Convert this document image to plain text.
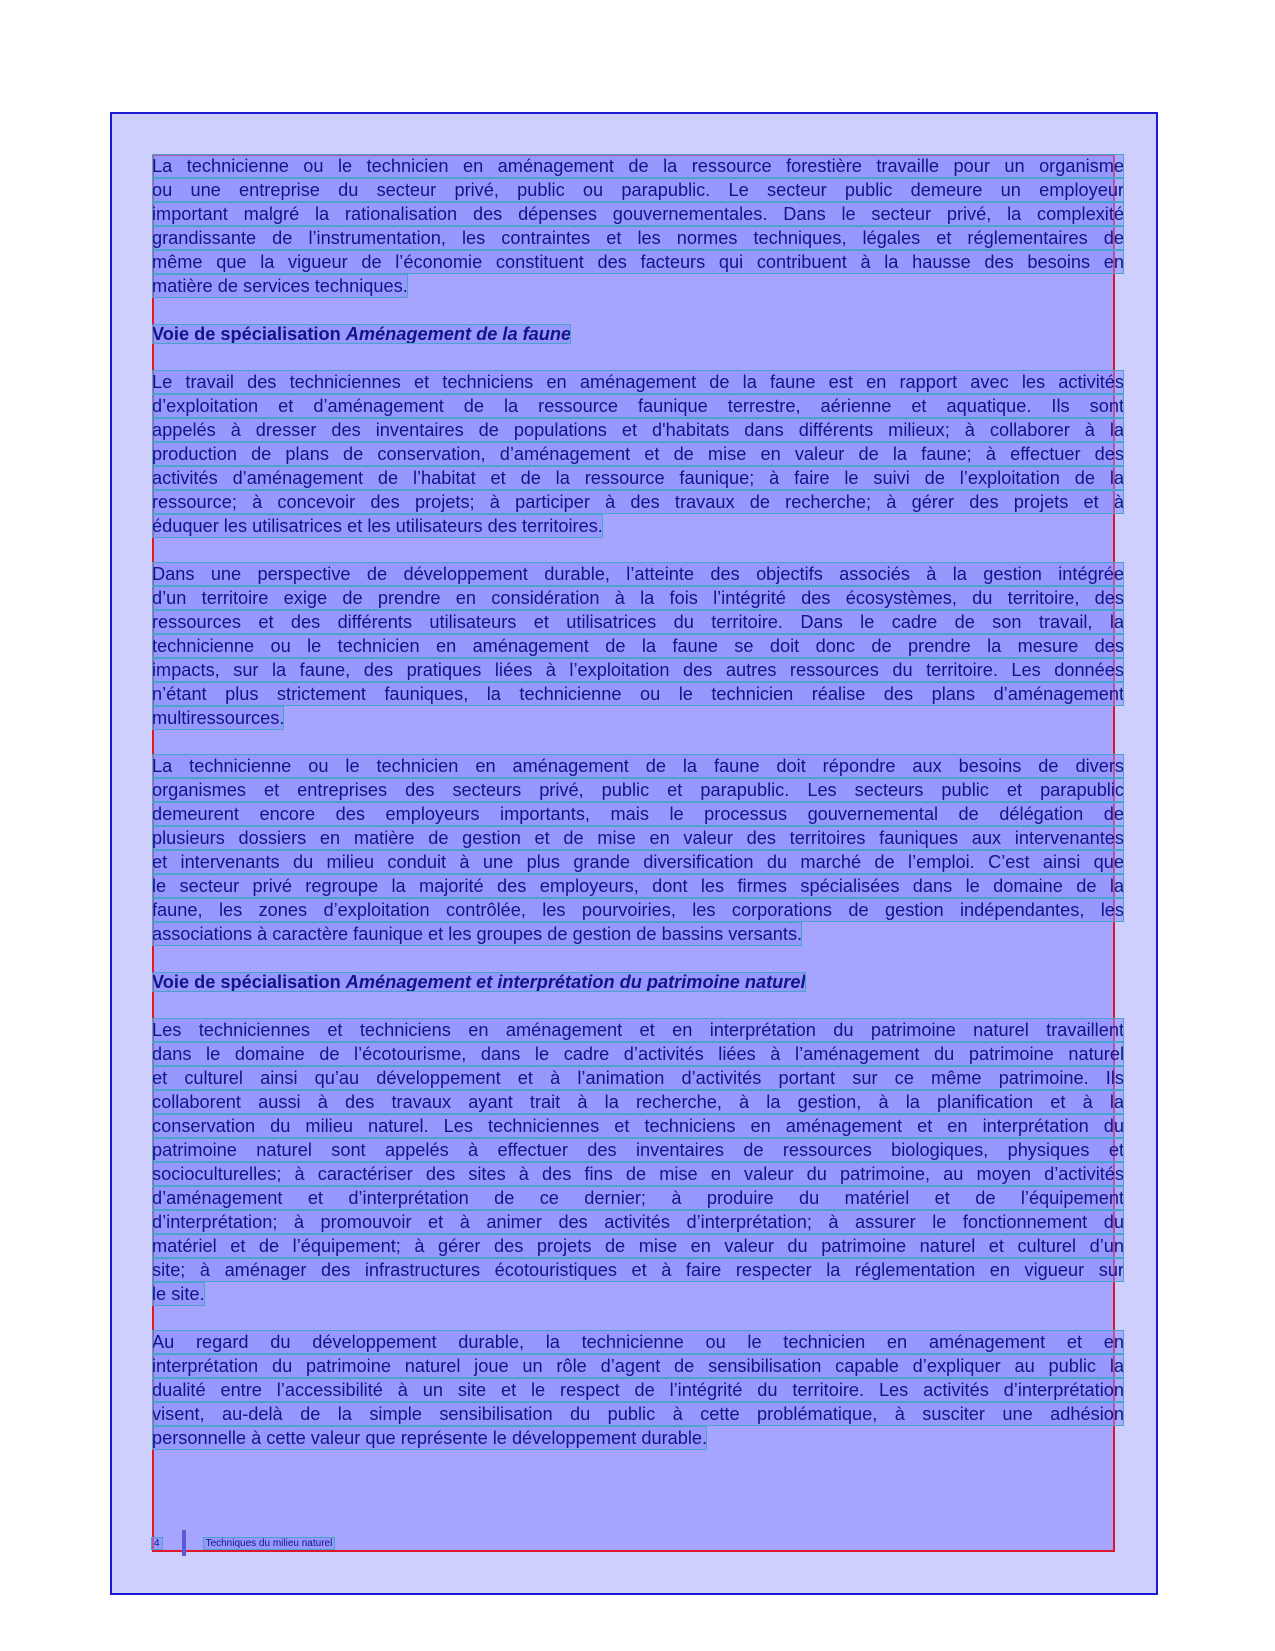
La technicienne ou le technicien en aménagement de la ressource forestière travaille pour un organisme
ou une entreprise du secteur privé, public ou parapublic. Le secteur public demeure un employeur
important malgré la rationalisation des dépenses gouvernementales. Dans le secteur privé, la complexité
grandissante de l’instrumentation, les contraintes et les normes techniques, légales et réglementaires de
même que la vigueur de l’économie constituent des facteurs qui contribuent à la hausse des besoins en
matière de services techniques.
Voie de spécialisation Aménagement de la faune
Le travail des techniciennes et techniciens en aménagement de la faune est en rapport avec les activités
d’exploitation et d’aménagement de la ressource faunique terrestre, aérienne et aquatique. Ils sont
appelés à dresser des inventaires de populations et d'habitats dans différents milieux; à collaborer à la
production de plans de conservation, d’aménagement et de mise en valeur de la faune; à effectuer des
activités d’aménagement de l’habitat et de la ressource faunique; à faire le suivi de l’exploitation de la
ressource; à concevoir des projets; à participer à des travaux de recherche; à gérer des projets et à
éduquer les utilisatrices et les utilisateurs des territoires.
Dans une perspective de développement durable, l’atteinte des objectifs associés à la gestion intégrée
d’un territoire exige de prendre en considération à la fois l’intégrité des écosystèmes, du territoire, des
ressources et des différents utilisateurs et utilisatrices du territoire. Dans le cadre de son travail, la
technicienne ou le technicien en aménagement de la faune se doit donc de prendre la mesure des
impacts, sur la faune, des pratiques liées à l’exploitation des autres ressources du territoire. Les données
n’étant plus strictement fauniques, la technicienne ou le technicien réalise des plans d’aménagement
multiressources.
La technicienne ou le technicien en aménagement de la faune doit répondre aux besoins de divers
organismes et entreprises des secteurs privé, public et parapublic. Les secteurs public et parapublic
demeurent encore des employeurs importants, mais le processus gouvernemental de délégation de
plusieurs dossiers en matière de gestion et de mise en valeur des territoires fauniques aux intervenantes
et intervenants du milieu conduit à une plus grande diversification du marché de l’emploi. C’est ainsi que
le secteur privé regroupe la majorité des employeurs, dont les firmes spécialisées dans le domaine de la
faune, les zones d’exploitation contrôlée, les pourvoiries, les corporations de gestion indépendantes, les
associations à caractère faunique et les groupes de gestion de bassins versants.
Voie de spécialisation Aménagement et interprétation du patrimoine naturel
Les techniciennes et techniciens en aménagement et en interprétation du patrimoine naturel travaillent
dans le domaine de l’écotourisme, dans le cadre d’activités liées à l’aménagement du patrimoine naturel
et culturel ainsi qu’au développement et à l’animation d’activités portant sur ce même patrimoine. Ils
collaborent aussi à des travaux ayant trait à la recherche, à la gestion, à la planification et à la
conservation du milieu naturel. Les techniciennes et techniciens en aménagement et en interprétation du
patrimoine naturel sont appelés à effectuer des inventaires de ressources biologiques, physiques et
socioculturelles; à caractériser des sites à des fins de mise en valeur du patrimoine, au moyen d’activités
d’aménagement et d’interprétation de ce dernier; à produire du matériel et de l’équipement
d’interprétation; à promouvoir et à animer des activités d’interprétation; à assurer le fonctionnement du
matériel et de l’équipement; à gérer des projets de mise en valeur du patrimoine naturel et culturel d’un
site; à aménager des infrastructures écotouristiques et à faire respecter la réglementation en vigueur sur
le site.
Au regard du développement durable, la technicienne ou le technicien en aménagement et en
interprétation du patrimoine naturel joue un rôle d’agent de sensibilisation capable d’expliquer au public la
dualité entre l’accessibilité à un site et le respect de l’intégrité du territoire. Les activités d’interprétation
visent, au-delà de la simple sensibilisation du public à cette problématique, à susciter une adhésion
personnelle à cette valeur que représente le développement durable.
4	Techniques du milieu naturel
